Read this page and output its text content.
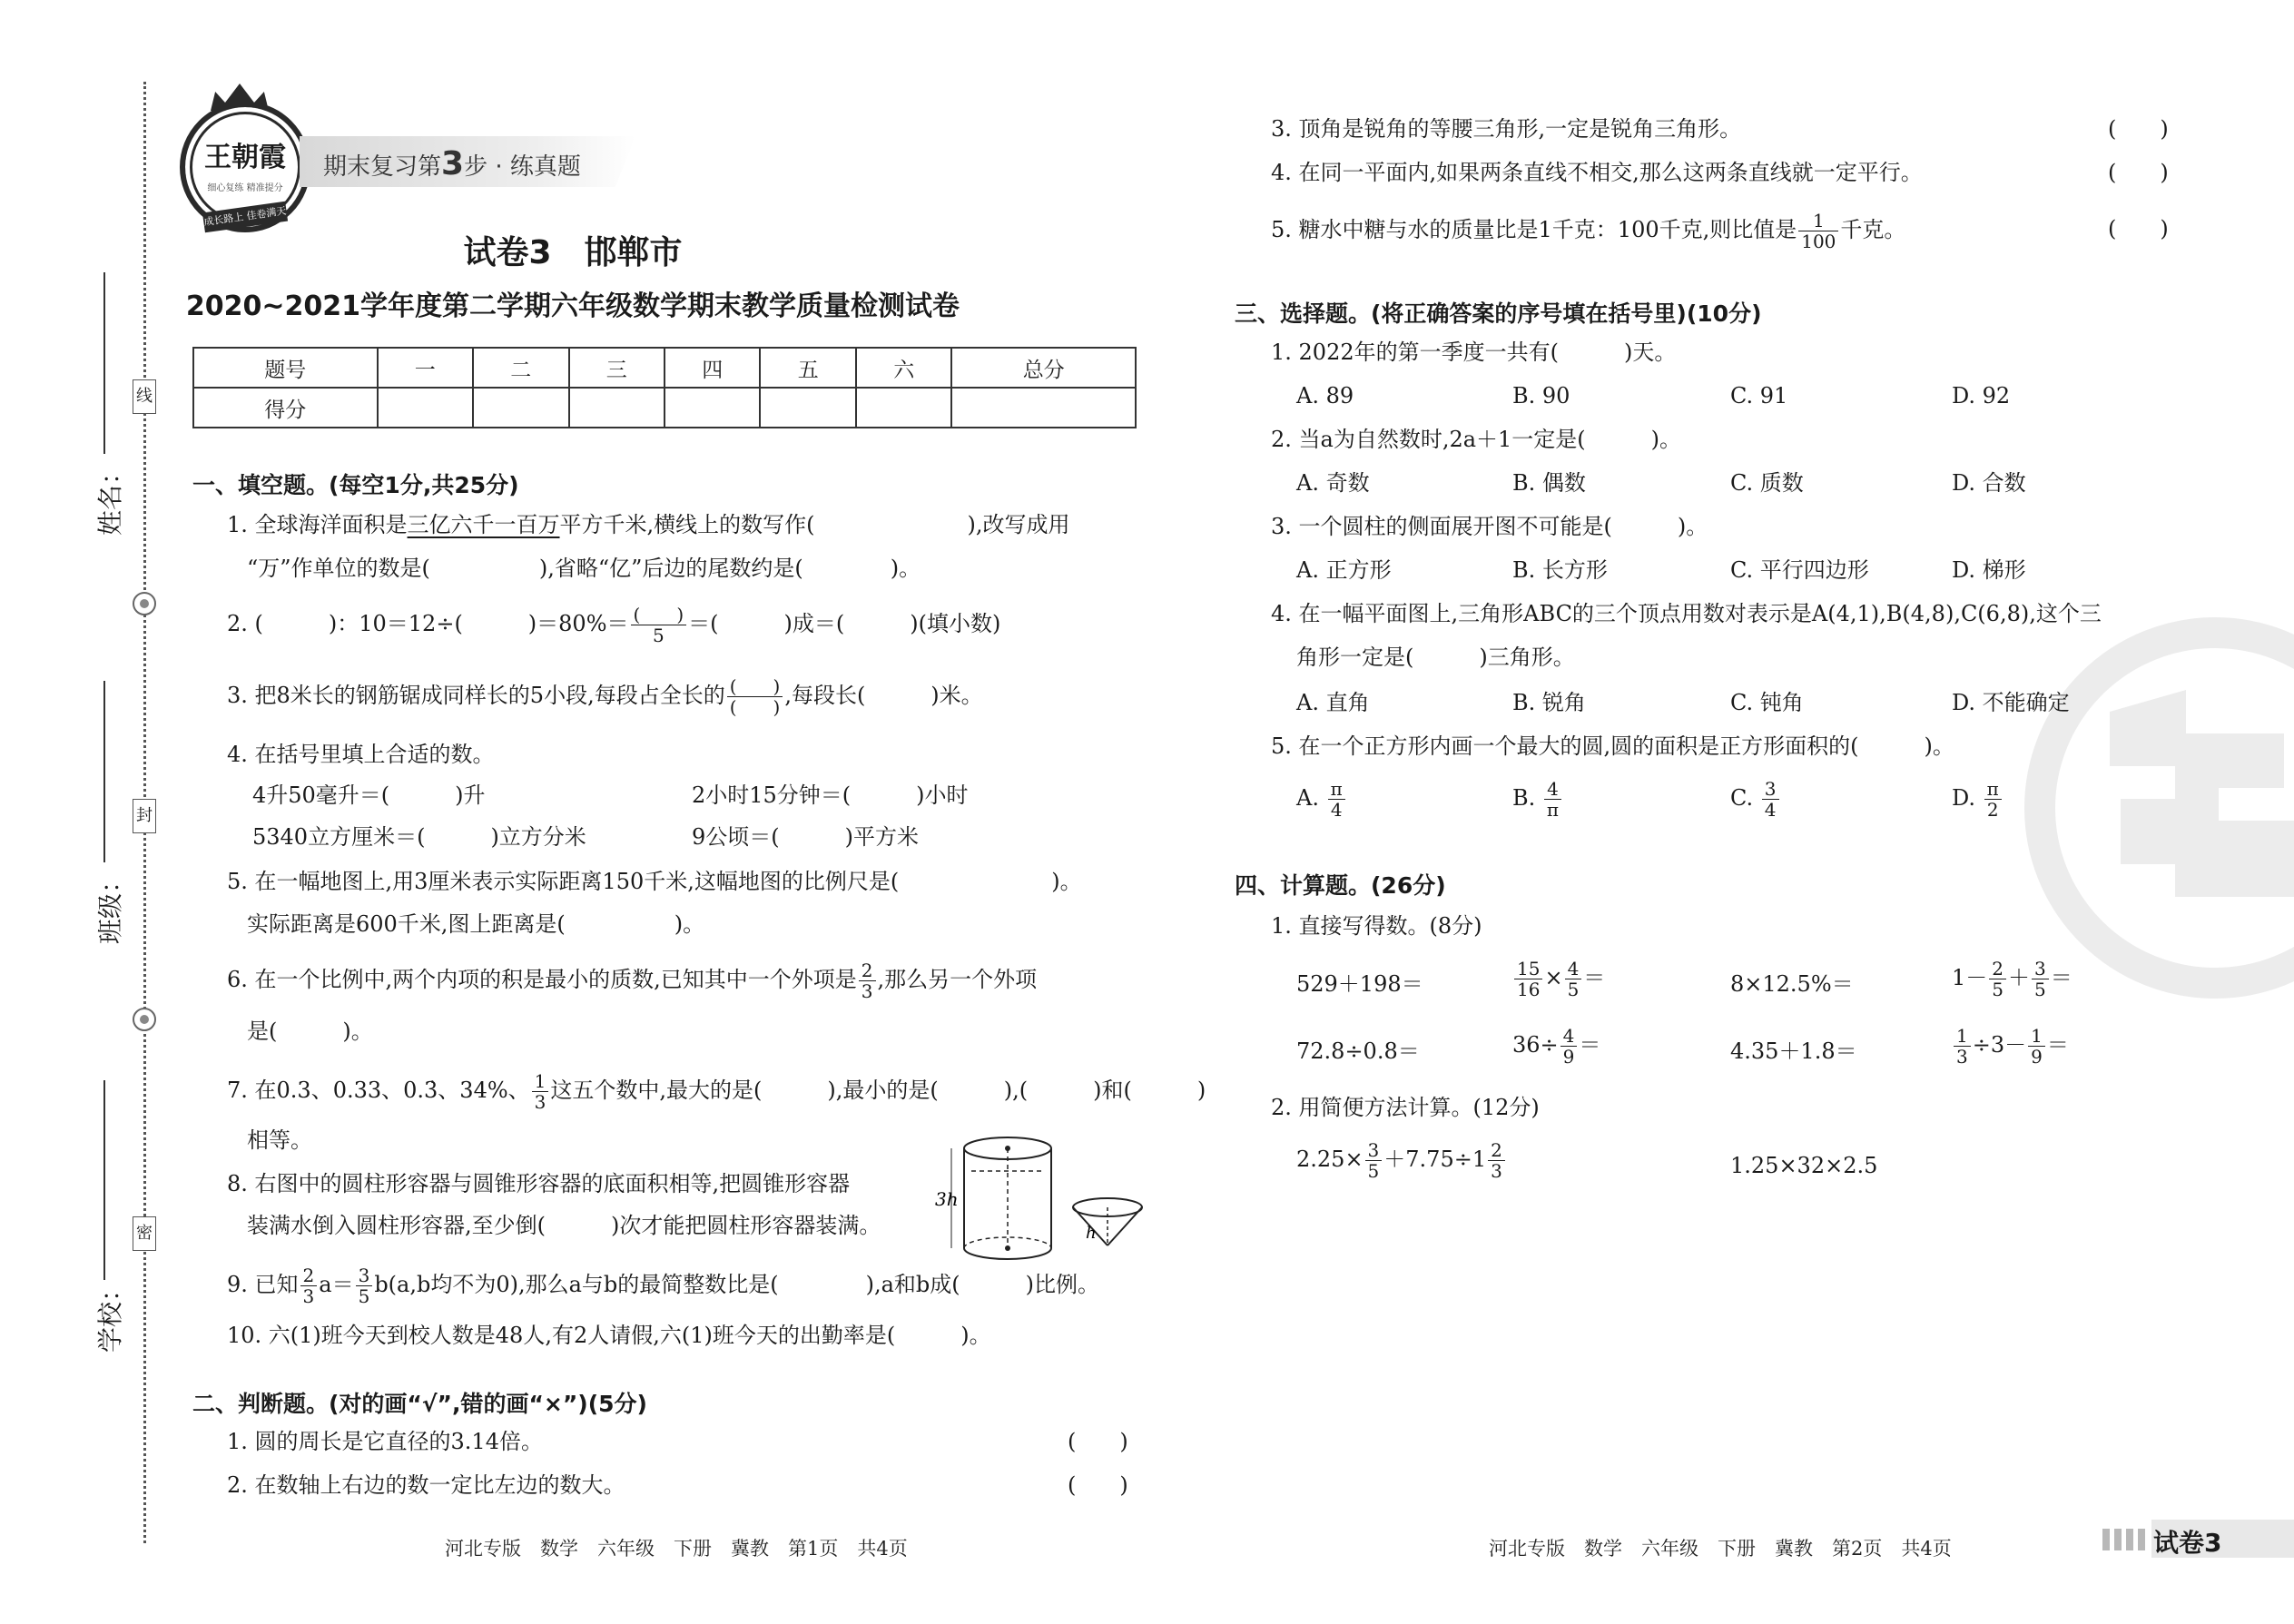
线
封
密
姓名：
班级：
学校：
王朝霞
细心复练 精准提分
成长路上 佳卷满天
期末复习第3步 · 练真题
试卷3　邯郸市
2020~2021学年度第二学期六年级数学期末教学质量检测试卷
题号	一	二	三	四	五	六	总分
得分							
一、填空题。(每空1分,共25分)
1. 全球海洋面积是三亿六千一百万平方千米,横线上的数写作(　　　　　　　),改写成用
“万”作单位的数是(　　　　　),省略“亿”后边的尾数约是(　　　　)。
2. (　　　)：10＝12÷(　　　)$=80\%= \frac{( )}{5}$ ＝(　　　)成＝(　　　)(填小数)
3. 把8米长的钢筋锯成同样长的5小段,每段占全长的 $\frac{( )}{( )}$ ,每段长(　　　)米。
4. 在括号里填上合适的数。
4升50毫升＝(　　　)升	2小时15分钟＝(　　　)小时
5340立方厘米＝(　　　)立方分米	9公顷＝(　　　)平方米
5. 在一幅地图上,用3厘米表示实际距离150千米,这幅地图的比例尺是(　　　　　　　)。
实际距离是600千米,图上距离是(　　　　　)。
6. 在一个比例中,两个内项的积是最小的质数,已知其中一个外项是 $\frac{2}{3}$ ,那么另一个外项
是(　　　)。
7. 在0.3、0.33、0.3̇、34%、 $\frac{1}{3}$ 这五个数中,最大的是(　　　),最小的是(　　　),(　　　)和(　　　)
相等。
8. 右图中的圆柱形容器与圆锥形容器的底面积相等,把圆锥形容器
装满水倒入圆柱形容器,至少倒(　　　)次才能把圆柱形容器装满。
3h
h
9. 已知 $\frac{2}{3} a= \frac{3}{5} b(a,b$均不为0),那么a与b的最简整数比是(　　　　),a和b成(　　　)比例。
10. 六(1)班今天到校人数是48人,有2人请假,六(1)班今天的出勤率是(　　　)。
二、判断题。(对的画“√”,错的画“×”)(5分)
1. 圆的周长是它直径的3.14倍。	(　　)
2. 在数轴上右边的数一定比左边的数大。	(　　)
河北专版　数学　六年级　下册　冀教　第1页　共4页
3. 顶角是锐角的等腰三角形,一定是锐角三角形。	(　　)
4. 在同一平面内,如果两条直线不相交,那么这两条直线就一定平行。	(　　)
5. 糖水中糖与水的质量比是1千克：100千克,则比值是 $\frac{1}{100}$ 千克。	(　　)
三、选择题。(将正确答案的序号填在括号里)(10分)
1. 2022年的第一季度一共有(　　　)天。
A. 89	B. 90	C. 91	D. 92
2. 当a为自然数时,2a＋1一定是(　　　)。
A. 奇数	B. 偶数	C. 质数	D. 合数
3. 一个圆柱的侧面展开图不可能是(　　　)。
A. 正方形	B. 长方形	C. 平行四边形	D. 梯形
4. 在一幅平面图上,三角形ABC的三个顶点用数对表示是A(4,1),B(4,8),C(6,8),这个三
角形一定是(　　　)三角形。
A. 直角	B. 锐角	C. 钝角	D. 不能确定
5. 在一个正方形内画一个最大的圆,圆的面积是正方形面积的(　　　)。
A. $\frac{\pi}{4}$	B. $\frac{4}{\pi}$	C. $\frac{3}{4}$	D. $\frac{\pi}{2}$
四、计算题。(26分)
1. 直接写得数。(8分)
529＋198＝	$\frac{15}{16} \times \frac{4}{5}$ ＝	8×12.5%＝	$1- \frac{2}{5} + \frac{3}{5}$ ＝
72.8÷0.8＝	$36\div \frac{4}{9}$ ＝	4.35＋1.8＝	$\frac{1}{3} \div 3- \frac{1}{9}$ ＝
2. 用简便方法计算。(12分)
$2.25\times \frac{3}{5} +7.75\div 1 \frac{2}{3}$	1.25×32×2.5
河北专版　数学　六年级　下册　冀教　第2页　共4页	试卷3
